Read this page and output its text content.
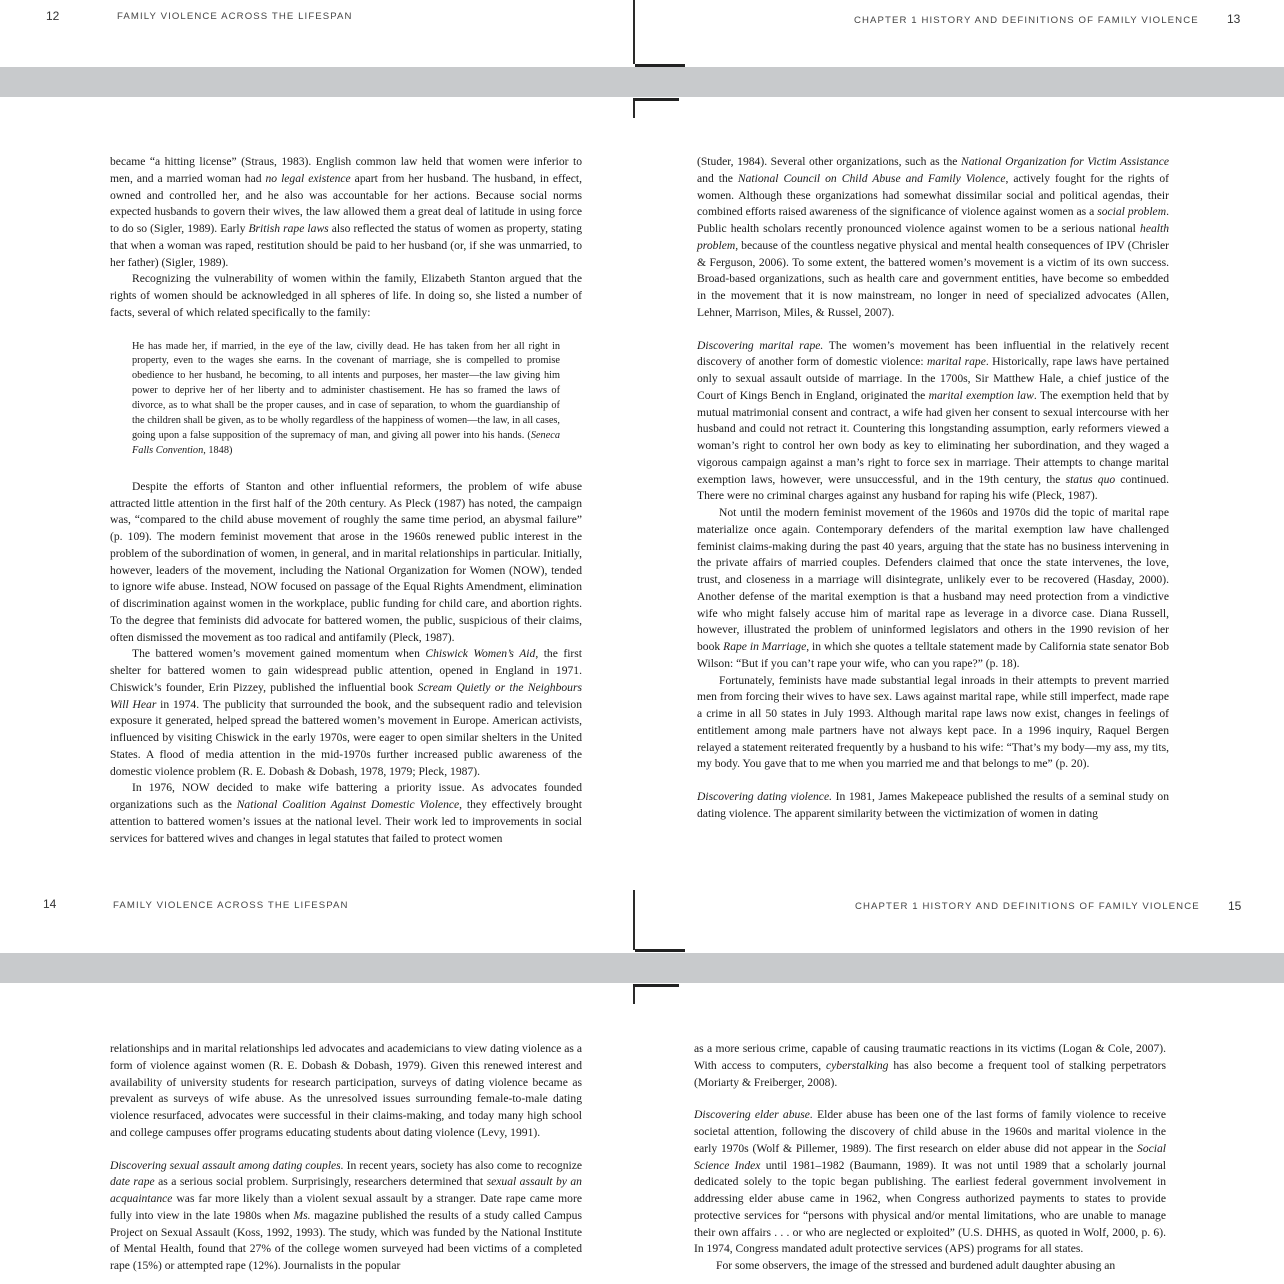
12	FAMILY VIOLENCE ACROSS THE LIFESPAN	CHAPTER 1 HISTORY AND DEFINITIONS OF FAMILY VIOLENCE 13
14	FAMILY VIOLENCE ACROSS THE LIFESPAN	CHAPTER 1 HISTORY AND DEFINITIONS OF FAMILY VIOLENCE 15

became “a hitting license” (Straus, 1983). English common law held that women were inferior to men, and a married woman had no legal existence apart from her husband. The husband, in effect, owned and controlled her, and he also was accountable for her actions. Because social norms expected husbands to govern their wives, the law allowed them a great deal of latitude in using force to do so (Sigler, 1989). Early British rape laws also reflected the status of women as property, stating that when a woman was raped, restitution should be paid to her husband (or, if she was unmarried, to her father) (Sigler, 1989).

Recognizing the vulnerability of women within the family, Elizabeth Stanton argued that the rights of women should be acknowledged in all spheres of life. In doing so, she listed a number of facts, several of which related specifically to the family:

He has made her, if married, in the eye of the law, civilly dead. He has taken from her all right in property, even to the wages she earns. In the covenant of marriage, she is compelled to promise obedience to her husband, he becoming, to all intents and purposes, her master—the law giving him power to deprive her of her liberty and to administer chastisement. He has so framed the laws of divorce, as to what shall be the proper causes, and in case of separation, to whom the guardianship of the children shall be given, as to be wholly regardless of the happiness of women—the law, in all cases, going upon a false supposition of the supremacy of man, and giving all power into his hands. (Seneca Falls Convention, 1848)

Despite the efforts of Stanton and other influential reformers, the problem of wife abuse attracted little attention in the first half of the 20th century. As Pleck (1987) has noted, the campaign was, “compared to the child abuse movement of roughly the same time period, an abysmal failure” (p. 109). The modern feminist movement that arose in the 1960s renewed public interest in the problem of the subordination of women, in general, and in marital relationships in particular. Initially, however, leaders of the movement, including the National Organization for Women (NOW), tended to ignore wife abuse. Instead, NOW focused on passage of the Equal Rights Amendment, elimination of discrimination against women in the workplace, public funding for child care, and abortion rights. To the degree that feminists did advocate for battered women, the public, suspicious of their claims, often dismissed the movement as too radical and antifamily (Pleck, 1987).

The battered women’s movement gained momentum when Chiswick Women’s Aid, the first shelter for battered women to gain widespread public attention, opened in England in 1971. Chiswick’s founder, Erin Pizzey, published the influential book Scream Quietly or the Neighbours Will Hear in 1974. The publicity that surrounded the book, and the subsequent radio and television exposure it generated, helped spread the battered women’s movement in Europe. American activists, influenced by visiting Chiswick in the early 1970s, were eager to open similar shelters in the United States. A flood of media attention in the mid-1970s further increased public awareness of the domestic violence problem (R. E. Dobash & Dobash, 1978, 1979; Pleck, 1987).

In 1976, NOW decided to make wife battering a priority issue. As advocates founded organizations such as the National Coalition Against Domestic Violence, they effectively brought attention to battered women’s issues at the national level. Their work led to improvements in social services for battered wives and changes in legal statutes that failed to protect women

(Studer, 1984). Several other organizations, such as the National Organization for Victim Assistance and the National Council on Child Abuse and Family Violence, actively fought for the rights of women. Although these organizations had somewhat dissimilar social and political agendas, their combined efforts raised awareness of the significance of violence against women as a social problem. Public health scholars recently pronounced violence against women to be a serious national health problem, because of the countless negative physical and mental health consequences of IPV (Chrisler & Ferguson, 2006). To some extent, the battered women’s movement is a victim of its own success. Broad-based organizations, such as health care and government entities, have become so embedded in the movement that it is now mainstream, no longer in need of specialized advocates (Allen, Lehner, Marrison, Miles, & Russel, 2007).

Discovering marital rape. The women’s movement has been influential in the relatively recent discovery of another form of domestic violence: marital rape. Historically, rape laws have pertained only to sexual assault outside of marriage. In the 1700s, Sir Matthew Hale, a chief justice of the Court of Kings Bench in England, originated the marital exemption law. The exemption held that by mutual matrimonial consent and contract, a wife had given her consent to sexual intercourse with her husband and could not retract it. Countering this longstanding assumption, early reformers viewed a woman’s right to control her own body as key to eliminating her subordination, and they waged a vigorous campaign against a man’s right to force sex in marriage. Their attempts to change marital exemption laws, however, were unsuccessful, and in the 19th century, the status quo continued. There were no criminal charges against any husband for raping his wife (Pleck, 1987).

Not until the modern feminist movement of the 1960s and 1970s did the topic of marital rape materialize once again. Contemporary defenders of the marital exemption law have challenged feminist claims-making during the past 40 years, arguing that the state has no business intervening in the private affairs of married couples. Defenders claimed that once the state intervenes, the love, trust, and closeness in a marriage will disintegrate, unlikely ever to be recovered (Hasday, 2000). Another defense of the marital exemption is that a husband may need protection from a vindictive wife who might falsely accuse him of marital rape as leverage in a divorce case. Diana Russell, however, illustrated the problem of uninformed legislators and others in the 1990 revision of her book Rape in Marriage, in which she quotes a telltale statement made by California state senator Bob Wilson: “But if you can’t rape your wife, who can you rape?” (p. 18).

Fortunately, feminists have made substantial legal inroads in their attempts to prevent married men from forcing their wives to have sex. Laws against marital rape, while still imperfect, made rape a crime in all 50 states in July 1993. Although marital rape laws now exist, changes in feelings of entitlement among male partners have not always kept pace. In a 1996 inquiry, Raquel Bergen relayed a statement reiterated frequently by a husband to his wife: “That’s my body—my ass, my tits, my body. You gave that to me when you married me and that belongs to me” (p. 20).

Discovering dating violence. In 1981, James Makepeace published the results of a seminal study on dating violence. The apparent similarity between the victimization of women in dating

relationships and in marital relationships led advocates and academicians to view dating violence as a form of violence against women (R. E. Dobash & Dobash, 1979). Given this renewed interest and availability of university students for research participation, surveys of dating violence became as prevalent as surveys of wife abuse. As the unresolved issues surrounding female-to-male dating violence resurfaced, advocates were successful in their claims-making, and today many high school and college campuses offer programs educating students about dating violence (Levy, 1991).

Discovering sexual assault among dating couples. In recent years, society has also come to recognize date rape as a serious social problem. Surprisingly, researchers determined that sexual assault by an acquaintance was far more likely than a violent sexual assault by a stranger. Date rape came more fully into view in the late 1980s when Ms. magazine published the results of a study called Campus Project on Sexual Assault (Koss, 1992, 1993). The study, which was funded by the National Institute of Mental Health, found that 27% of the college women surveyed had been victims of a completed rape (15%) or attempted rape (12%). Journalists in the popular

as a more serious crime, capable of causing traumatic reactions in its victims (Logan & Cole, 2007). With access to computers, cyberstalking has also become a frequent tool of stalking perpetrators (Moriarty & Freiberger, 2008).

Discovering elder abuse. Elder abuse has been one of the last forms of family violence to receive societal attention, following the discovery of child abuse in the 1960s and marital violence in the early 1970s (Wolf & Pillemer, 1989). The first research on elder abuse did not appear in the Social Science Index until 1981–1982 (Baumann, 1989). It was not until 1989 that a scholarly journal dedicated solely to the topic began publishing. The earliest federal government involvement in addressing elder abuse came in 1962, when Congress authorized payments to states to provide protective services for “persons with physical and/or mental limitations, who are unable to manage their own affairs . . . or who are neglected or exploited” (U.S. DHHS, as quoted in Wolf, 2000, p. 6). In 1974, Congress mandated adult protective services (APS) programs for all states.

For some observers, the image of the stressed and burdened adult daughter abusing an
